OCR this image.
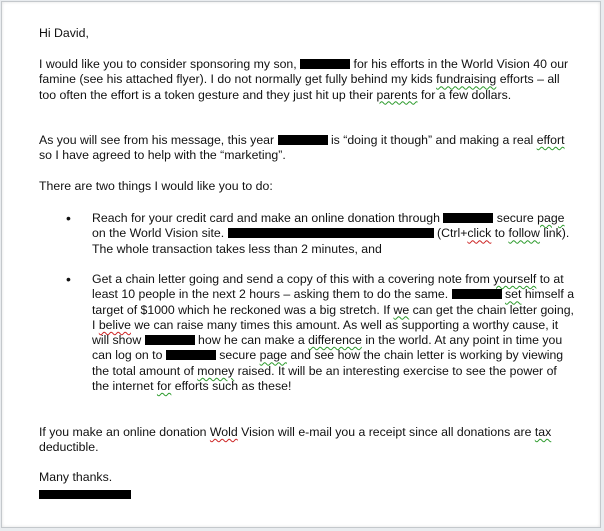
Hi David,

I would like you to consider sponsoring my son,	for his efforts in the World Vision 40 our famine (see his attached flyer). I do not normally get fully behind my kids fundraising efforts – all too often the effort is a token gesture and they just hit up their parents for a few dollars.

As you will see from his message, this year	is “doing it though” and making a real effort so I have agreed to help with the “marketing”.

There are two things I would like you to do:

• Reach for your credit card and make an online donation through	secure page on the World Vision site.	(Ctrl+click to follow link). The whole transaction takes less than 2 minutes, and
• Get a chain letter going and send a copy of this with a covering note from yourself to at least 10 people in the next 2 hours – asking them to do the same.	set himself a target of $1000 which he reckoned was a big stretch. If we can get the chain letter going, I belive we can raise many times this amount. As well as supporting a worthy cause, it will show	how he can make a difference in the world. At any point in time you can log on to	secure page and see how the chain letter is working by viewing the total amount of money raised. It will be an interesting exercise to see the power of the internet for efforts such as these!

If you make an online donation Wold Vision will e-mail you a receipt since all donations are tax deductible.

Many thanks.
